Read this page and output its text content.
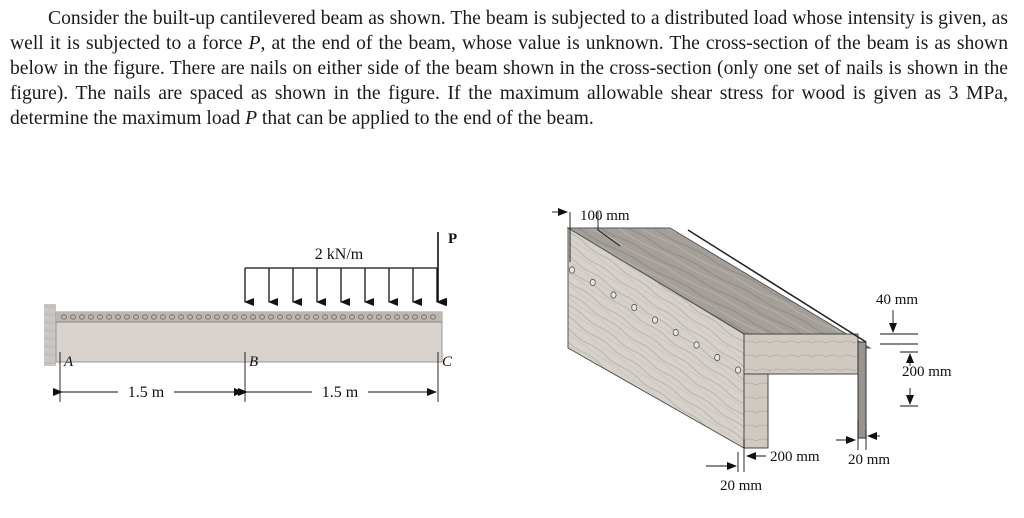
Consider the built-up cantilevered beam as shown. The beam is subjected to a distributed load whose intensity is given, as well it is subjected to a force P, at the end of the beam, whose value is unknown. The cross-section of the beam is as shown below in the figure. There are nails on either side of the beam shown in the cross-section (only one set of nails is shown in the figure). The nails are spaced as shown in the figure. If the maximum allowable shear stress for wood is given as 3 MPa, determine the maximum load P that can be applied to the end of the beam.

2 kN/m
P
A	B	C
1.5 m	1.5 m
100 mm
40 mm
200 mm
200 mm 20 mm
20 mm
